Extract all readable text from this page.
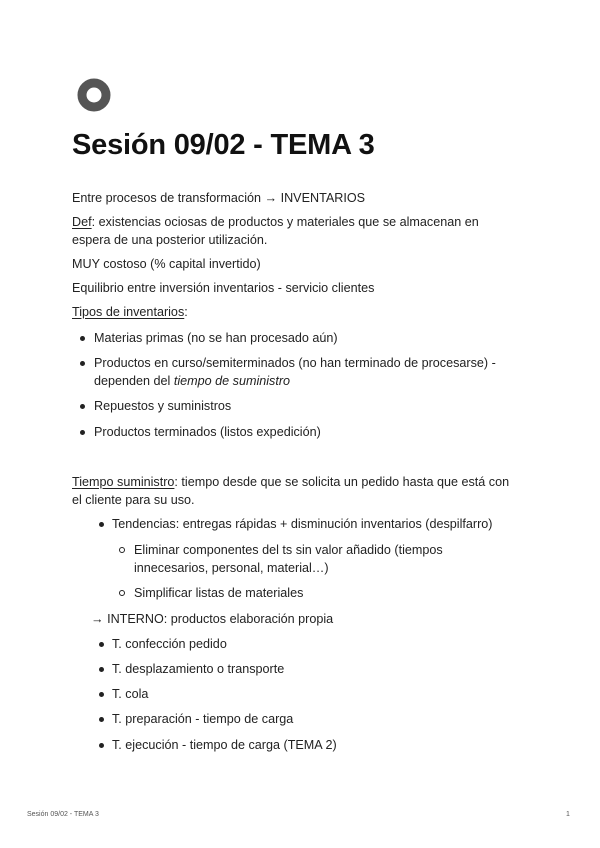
Sesión 09/02 - TEMA 3
Entre procesos de transformación → INVENTARIOS
Def: existencias ociosas de productos y materiales que se almacenan en
espera de una posterior utilización.
MUY costoso (% capital invertido)
Equilibrio entre inversión inventarios - servicio clientes
Tipos de inventarios:
Materias primas (no se han procesado aún)
Productos en curso/semiterminados (no han terminado de procesarse) -
dependen del tiempo de suministro
Repuestos y suministros
Productos terminados (listos expedición)
Tiempo suministro: tiempo desde que se solicita un pedido hasta que está con
el cliente para su uso.
Tendencias: entregas rápidas + disminución inventarios (despilfarro)
Eliminar componentes del ts sin valor añadido (tiempos
innecesarios, personal, material…)
Simplificar listas de materiales
→ INTERNO: productos elaboración propia
T. confección pedido
T. desplazamiento o transporte
T. cola
T. preparación - tiempo de carga
T. ejecución - tiempo de carga (TEMA 2)
Sesión 09/02 - TEMA 3	1
